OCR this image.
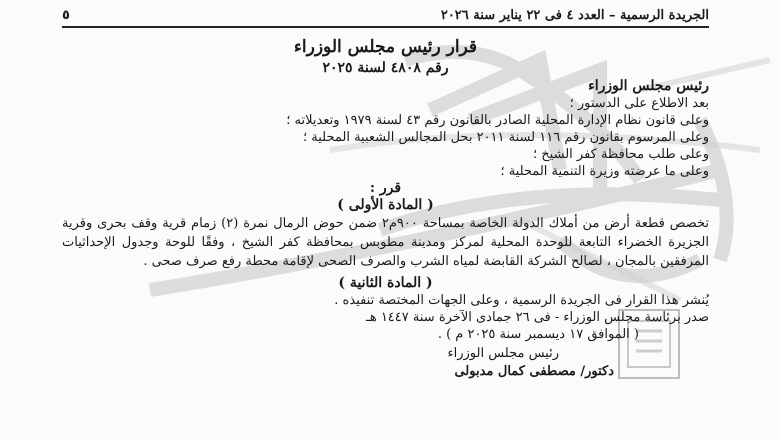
الجريدة الرسمية – العدد ٤ فى ٢٢ يناير سنة ٢٠٢٦
٥
قرار رئيس مجلس الوزراء
رقم ٤٨٠٨ لسنة ٢٠٢٥
رئيس مجلس الوزراء
بعد الاطلاع على الدستور ؛
وعلى قانون نظام الإدارة المحلية الصادر بالقانون رقم ٤٣ لسنة ١٩٧٩ وتعديلاته ؛
وعلى المرسوم بقانون رقم ١١٦ لسنة ٢٠١١ بحل المجالس الشعبية المحلية ؛
وعلى طلب محافظة كفر الشيخ ؛
وعلى ما عرضته وزيرة التنمية المحلية ؛
قرر :
( المادة الأولى )
تخصص قطعة أرض من أملاك الدولة الخاصة بمساحة ٩٠٠م٢ ضمن حوض الرمال نمرة (٢) زمام قرية وقف بحرى وقرية الجزيرة الخضراء التابعة للوحدة المحلية لمركز ومدينة مطوبس بمحافظة كفر الشيخ ، وفقًا للوحة وجدول الإحداثيات المرفقين بالمجان ، لصالح الشركة القابضة لمياه الشرب والصرف الصحى لإقامة محطة رفع صرف صحى .
( المادة الثانية )
يُنشر هذا القرار فى الجريدة الرسمية ، وعلى الجهات المختصة تنفيذه .
صدر برئاسة مجلس الوزراء - فى ٢٦ جمادى الآخرة سنة ١٤٤٧ هـ
( الموافق ١٧ ديسمبر سنة ٢٠٢٥ م ) .
رئيس مجلس الوزراء
دكتور/ مصطفى كمال مدبولى
